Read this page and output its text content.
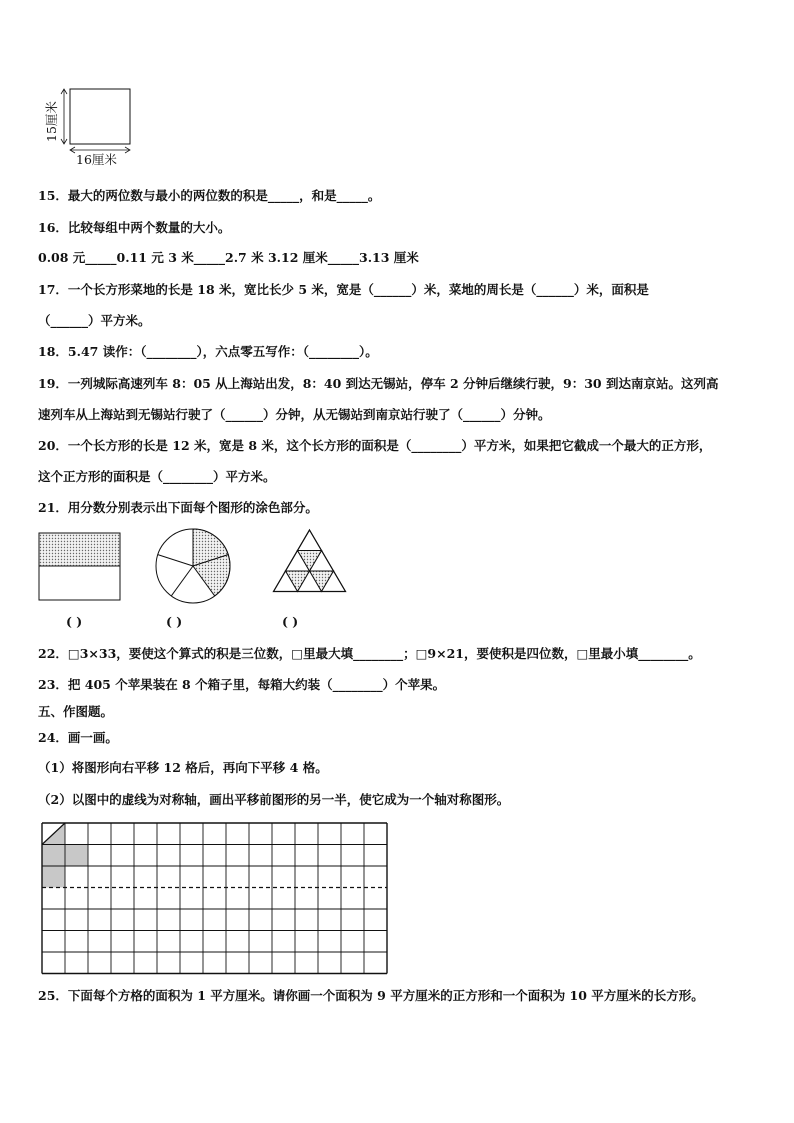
15厘米
16厘米
15．最大的两位数与最小的两位数的积是_____，和是_____。
16．比较每组中两个数量的大小。
0.08 元_____0.11 元 3 米_____2.7 米 3.12 厘米_____3.13 厘米
17．一个长方形菜地的长是 18 米，宽比长少 5 米，宽是（______）米，菜地的周长是（______）米，面积是
（______）平方米。
18．5.47 读作：（________），六点零五写作：（________）。
19．一列城际高速列车 8：05 从上海站出发，8：40 到达无锡站，停车 2 分钟后继续行驶，9：30 到达南京站。这列高
速列车从上海站到无锡站行驶了（______）分钟，从无锡站到南京站行驶了（______）分钟。
20．一个长方形的长是 12 米，宽是 8 米，这个长方形的面积是（________）平方米，如果把它截成一个最大的正方形，
这个正方形的面积是（________）平方米。
21．用分数分别表示出下面每个图形的涂色部分。
( )	( )	( )
22．□3×33，要使这个算式的积是三位数，□里最大填________；□9×21，要使积是四位数，□里最小填________。
23．把 405 个苹果装在 8 个箱子里，每箱大约装（________）个苹果。
五、作图题。
24．画一画。
（1）将图形向右平移 12 格后，再向下平移 4 格。
（2）以图中的虚线为对称轴，画出平移前图形的另一半，使它成为一个轴对称图形。
25．下面每个方格的面积为 1 平方厘米。请你画一个面积为 9 平方厘米的正方形和一个面积为 10 平方厘米的长方形。
